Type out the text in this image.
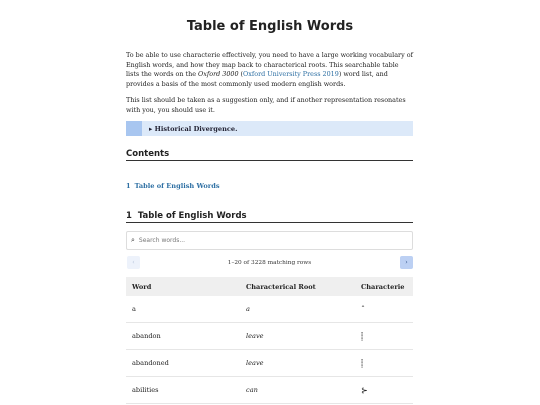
Table of English Words

To be able to use characterie effectively, you need to have a large working vocabulary of English words, and how they map back to characterical roots. This searchable table lists the words on the Oxford 3000 (Oxford University Press 2019) word list, and provides a basis of the most commonly used modern english words.

This list should be taken as a suggestion only, and if another representation resonates with you, you should use it.

▸ Historical Divergence.
Contents
1 Table of English Words
1 Table of English Words
⌕ Search words...
‹	1–20 of 3228 matching rows	›
Word	Characterical Root	Characterie
a	a	ˆ
abandon	leave	⸽
abandoned	leave	⸽
abilities	can	⊱
